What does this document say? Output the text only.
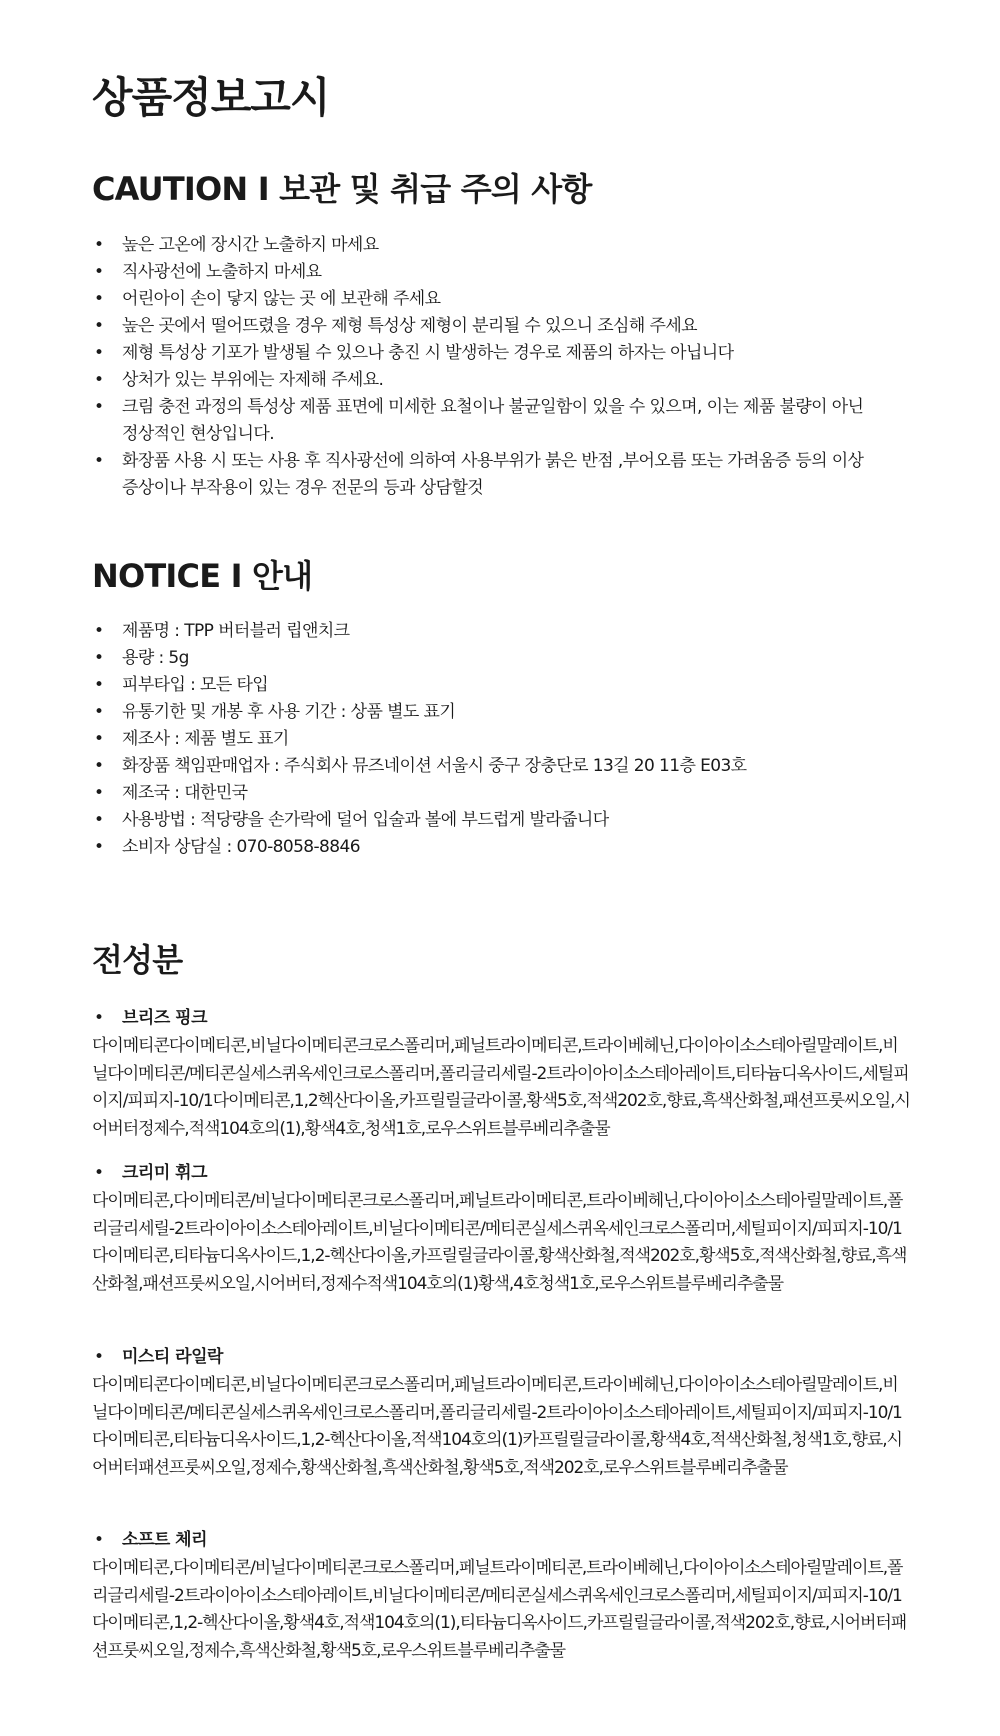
상품정보고시
CAUTION Ι 보관 및 취급 주의 사항
• 높은 고온에 장시간 노출하지 마세요
• 직사광선에 노출하지 마세요
• 어린아이 손이 닿지 않는 곳 에 보관해 주세요
• 높은 곳에서 떨어뜨렸을 경우 제형 특성상 제형이 분리될 수 있으니 조심해 주세요
• 제형 특성상 기포가 발생될 수 있으나 충진 시 발생하는 경우로 제품의 하자는 아닙니다
• 상처가 있는 부위에는 자제해 주세요.
• 크림 충전 과정의 특성상 제품 표면에 미세한 요철이나 불균일함이 있을 수 있으며, 이는 제품 불량이 아닌
정상적인 현상입니다.
• 화장품 사용 시 또는 사용 후 직사광선에 의하여 사용부위가 붉은 반점 ,부어오름 또는 가려움증 등의 이상
증상이나 부작용이 있는 경우 전문의 등과 상담할것
NOTICE Ι 안내
• 제품명 : TPP 버터블러 립앤치크
• 용량 : 5g
• 피부타입 : 모든 타입
• 유통기한 및 개봉 후 사용 기간 : 상품 별도 표기
• 제조사 : 제품 별도 표기
• 화장품 책임판매업자 : 주식회사 뮤즈네이션 서울시 중구 장충단로 13길 20 11층 E03호
• 제조국 : 대한민국
• 사용방법 : 적당량을 손가락에 덜어 입술과 볼에 부드럽게 발라줍니다
• 소비자 상담실 : 070-8058-8846
전성분
• 브리즈 핑크
다이메티콘다이메티콘,비닐다이메티콘크로스폴리머,페닐트라이메티콘,트라이베헤닌,다이아이소스테아릴말레이트,비닐다이메티콘/메티콘실세스퀴옥세인크로스폴리머,폴리글리세릴-2트라이아이소스테아레이트,티타늄디옥사이드,세틸피이지/피피지-10/1다이메티콘,1,2헥산다이올,카프릴릴글라이콜,황색5호,적색202호,향료,흑색산화철,패션프룻씨오일,시어버터정제수,적색104호의(1),황색4호,청색1호,로우스위트블루베리추출물
• 크리미 휘그
다이메티콘,다이메티콘/비닐다이메티콘크로스폴리머,페닐트라이메티콘,트라이베헤닌,다이아이소스테아릴말레이트,폴리글리세릴-2트라이아이소스테아레이트,비닐다이메티콘/메티콘실세스퀴옥세인크로스폴리머,세틸피이지/피피지-10/1다이메티콘,티타늄디옥사이드,1,2-헥산다이올,카프릴릴글라이콜,황색산화철,적색202호,황색5호,적색산화철,향료,흑색산화철,패션프룻씨오일,시어버터,정제수적색104호의(1)황색,4호청색1호,로우스위트블루베리추출물
• 미스티 라일락
다이메티콘다이메티콘,비닐다이메티콘크로스폴리머,페닐트라이메티콘,트라이베헤닌,다이아이소스테아릴말레이트,비닐다이메티콘/메티콘실세스퀴옥세인크로스폴리머,폴리글리세릴-2트라이아이소스테아레이트,세틸피이지/피피지-10/1다이메티콘,티타늄디옥사이드,1,2-헥산다이올,적색104호의(1)카프릴릴글라이콜,황색4호,적색산화철,청색1호,향료,시어버터패션프룻씨오일,정제수,황색산화철,흑색산화철,황색5호,적색202호,로우스위트블루베리추출물
• 소프트 체리
다이메티콘,다이메티콘/비닐다이메티콘크로스폴리머,페닐트라이메티콘,트라이베헤닌,다이아이소스테아릴말레이트,폴리글리세릴-2트라이아이소스테아레이트,비닐다이메티콘/메티콘실세스퀴옥세인크로스폴리머,세틸피이지/피피지-10/1다이메티콘,1,2-헥산다이올,황색4호,적색104호의(1),티타늄디옥사이드,카프릴릴글라이콜,적색202호,향료,시어버터패션프룻씨오일,정제수,흑색산화철,황색5호,로우스위트블루베리추출물
